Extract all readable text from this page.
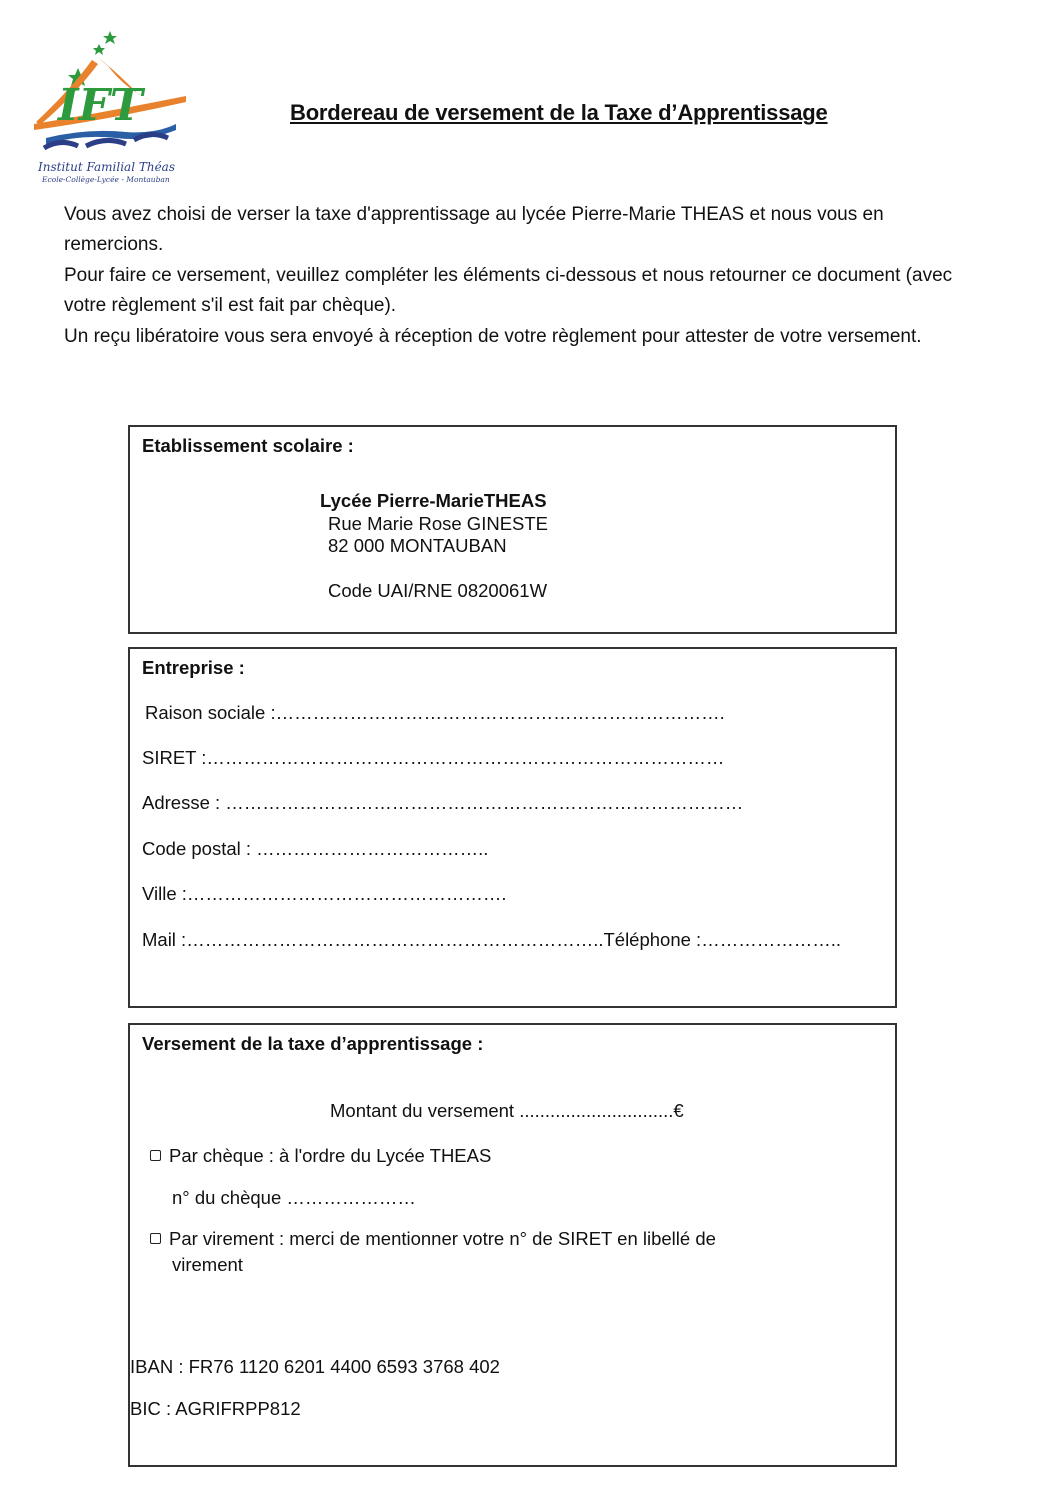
IFT
Institut Familial Théas
Ecole-Collège-Lycée - Montauban
Bordereau de versement de la Taxe d’Apprentissage

Vous avez choisi de verser la taxe d'apprentissage au lycée Pierre-Marie THEAS et nous vous en remercions.

Pour faire ce versement, veuillez compléter les éléments ci-dessous et nous retourner ce document (avec votre règlement s'il est fait par chèque).

Un reçu libératoire vous sera envoyé à réception de votre règlement pour attester de votre versement.

Etablissement scolaire :
Lycée Pierre-MarieTHEAS
Rue Marie Rose GINESTE
82 000 MONTAUBAN
Code UAI/RNE 0820061W
Entreprise :
Raison sociale :……………………………………………………………….
SIRET :…………………………………………………………………………
Adresse : …………………………………………………………………………
Code postal : ………………………………..
Ville :…………………………………………….
Mail :…………………………………………………………..Téléphone :…………………..
Versement de la taxe d’apprentissage :
Montant du versement ..............................€
Par chèque : à l'ordre du Lycée THEAS
n° du chèque …………………
Par virement : merci de mentionner votre n° de SIRET en libellé de
virement
IBAN : FR76 1120 6201 4400 6593 3768 402
BIC : AGRIFRPP812
